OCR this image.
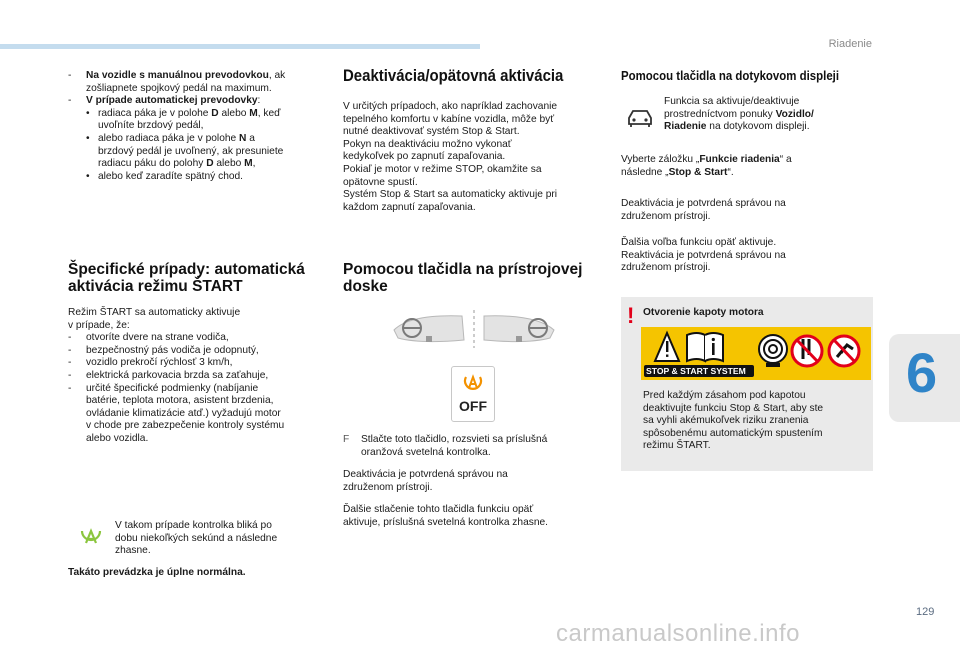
Riadenie
6
129
carmanualsonline.info
-	Na vozidle s manuálnou prevodovkou, ak
zošliapnete spojkový pedál na maximum.
-	V prípade automatickej prevodovky:
• radiaca páka je v polohe D alebo M, keď
uvoľníte brzdový pedál,
• alebo radiaca páka je v polohe N a
brzdový pedál je uvoľnený, ak presuniete
radiacu páku do polohy D alebo M,
• alebo keď zaradíte spätný chod.
Špecifické prípady: automatická
aktivácia režimu ŠTART
Režim ŠTART sa automaticky aktivuje
v prípade, že:
-	otvoríte dvere na strane vodiča,
-	bezpečnostný pás vodiča je odopnutý,
-	vozidlo prekročí rýchlosť 3 km/h,
-	elektrická parkovacia brzda sa zaťahuje,
-	určité špecifické podmienky (nabíjanie
batérie, teplota motora, asistent brzdenia,
ovládanie klimatizácie atď.) vyžadujú motor
v chode pre zabezpečenie kontroly systému
alebo vozidla.
V takom prípade kontrolka bliká po
dobu niekoľkých sekúnd a následne
zhasne.
Takáto prevádzka je úplne normálna.
Deaktivácia/opätovná aktivácia
V určitých prípadoch, ako napríklad zachovanie
tepelného komfortu v kabíne vozidla, môže byť
nutné deaktivovať systém Stop & Start.
Pokyn na deaktiváciu možno vykonať
kedykoľvek po zapnutí zapaľovania.
Pokiaľ je motor v režime STOP, okamžite sa
opätovne spustí.
Systém Stop & Start sa automaticky aktivuje pri
každom zapnutí zapaľovania.
Pomocou tlačidla na prístrojovej
doske
OFF
F	Stlačte toto tlačidlo, rozsvieti sa príslušná
oranžová svetelná kontrolka.
Deaktivácia je potvrdená správou na
združenom prístroji.
Ďalšie stlačenie tohto tlačidla funkciu opäť
aktivuje, príslušná svetelná kontrolka zhasne.
Pomocou tlačidla na dotykovom displeji
Funkcia sa aktivuje/deaktivuje
prostredníctvom ponuky Vozidlo/
Riadenie na dotykovom displeji.
Vyberte záložku „Funkcie riadenia“ a
následne „Stop & Start“.
Deaktivácia je potvrdená správou na
združenom prístroji.
Ďalšia voľba funkciu opäť aktivuje.
Reaktivácia je potvrdená správou na
združenom prístroji.
! Otvorenie kapoty motora
STOP & START SYSTEM
Pred každým zásahom pod kapotou
deaktivujte funkciu Stop & Start, aby ste
sa vyhli akémukoľvek riziku zranenia
spôsobenému automatickým spustením
režimu ŠTART.
